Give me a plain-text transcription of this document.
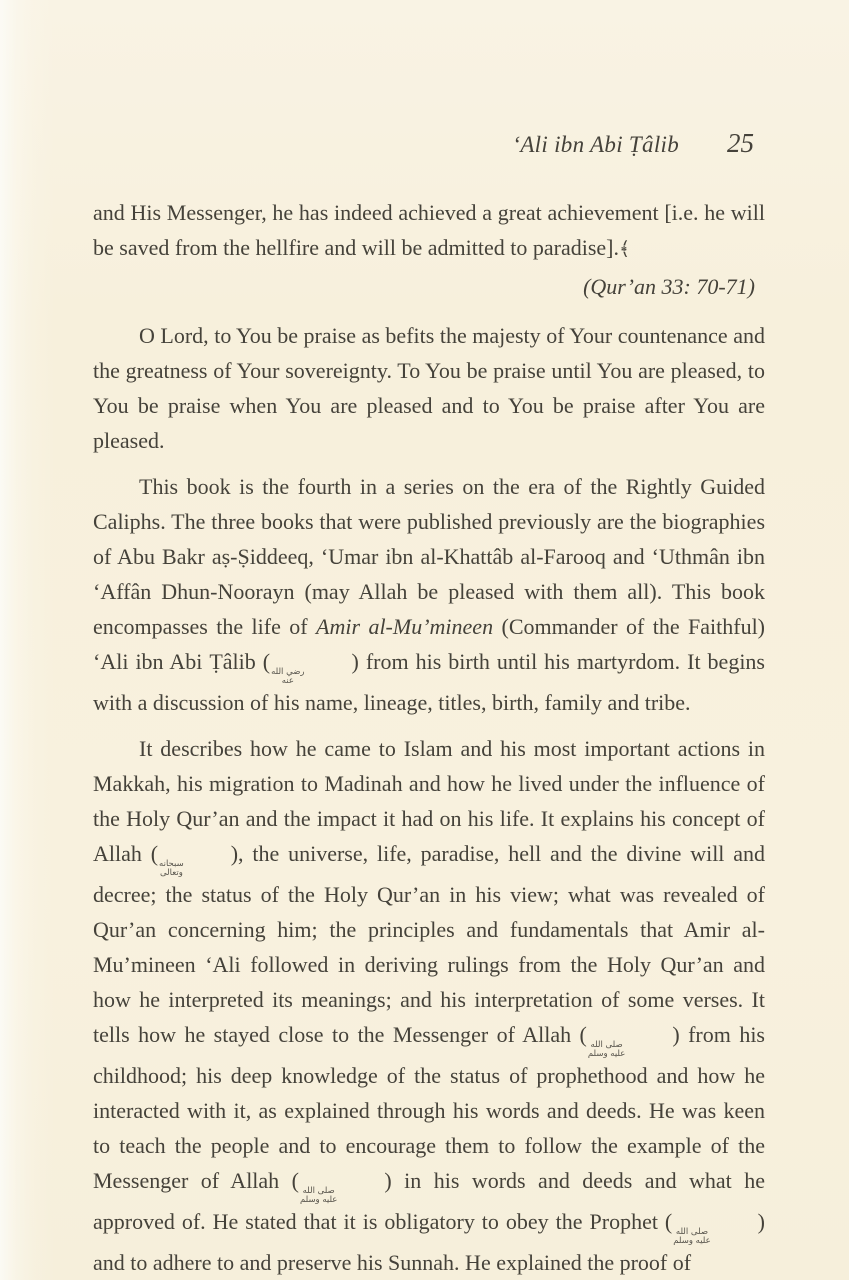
‘Ali ibn Abi Ṭâlib 25

and His Messenger, he has indeed achieved a great achievement [i.e. he will be saved from the hellfire and will be admitted to paradise].﴾

(Qur’an 33: 70-71)

O Lord, to You be praise as befits the majesty of Your countenance and the greatness of Your sovereignty. To You be praise until You are pleased, to You be praise when You are pleased and to You be praise after You are pleased.

This book is the fourth in a series on the era of the Rightly Guided Caliphs. The three books that were published previously are the biographies of Abu Bakr aṣ-Ṣiddeeq, ‘Umar ibn al-Khattâb al-Farooq and ‘Uthmân ibn ‘Affân Dhun-Noorayn (may Allah be pleased with them all). This book encompasses the life of Amir al-Mu’mineen (Commander of the Faithful) ‘Ali ibn Abi Ṭâlib ( رضي الله
عنه
) from his birth until his martyrdom. It begins with a discussion of his name, lineage, titles, birth, family and tribe.

It describes how he came to Islam and his most important actions in Makkah, his migration to Madinah and how he lived under the influence of the Holy Qur’an and the impact it had on his life. It explains his concept of Allah ( سبحانه
وتعالى
), the universe, life, paradise, hell and the divine will and decree; the status of the Holy Qur’an in his view; what was revealed of Qur’an concerning him; the principles and fundamentals that Amir al-Mu’mineen ‘Ali followed in deriving rulings from the Holy Qur’an and how he interpreted its meanings; and his interpretation of some verses. It tells how he stayed close to the Messenger of Allah ( صلى الله
عليه وسلم
) from his childhood; his deep knowledge of the status of prophethood and how he interacted with it, as explained through his words and deeds. He was keen to teach the people and to encourage them to follow the example of the Messenger of Allah ( صلى الله
عليه وسلم
) in his words and deeds and what he approved of. He stated that it is obligatory to obey the Prophet ( صلى الله
عليه وسلم
) and to adhere to and preserve his Sunnah. He explained the proof of
